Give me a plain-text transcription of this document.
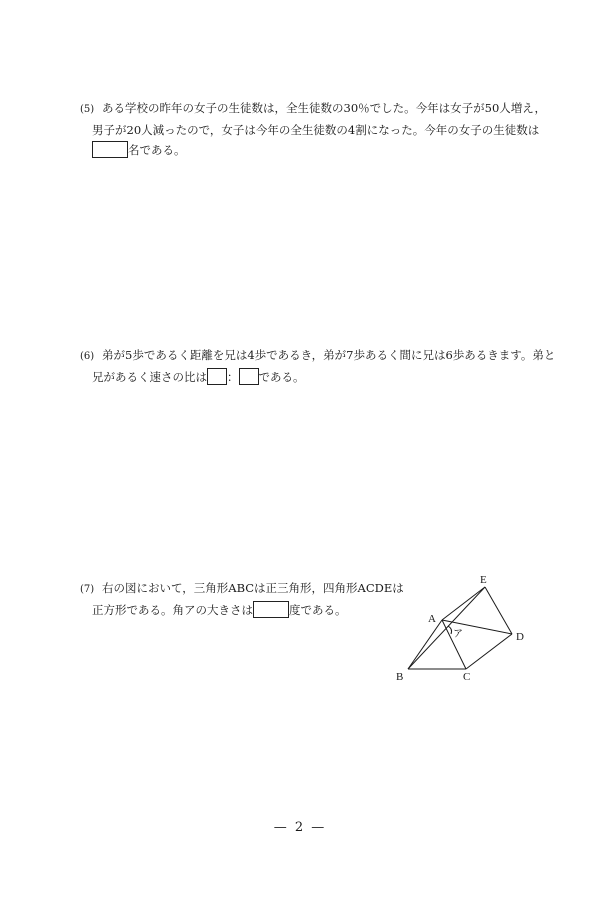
(5) ある学校の昨年の女子の生徒数は，全生徒数の30％でした。今年は女子が50人増え，
男子が20人減ったので，女子は今年の全生徒数の4割になった。今年の女子の生徒数は
名である。
(6) 弟が5歩であるく距離を兄は4歩であるき，弟が7歩あるく間に兄は6歩あるきます。弟と
兄があるく速さの比は ： である。
(7) 右の図において，三角形ABCは正三角形，四角形ACDEは
正方形である。角アの大きさは	度である。
A
B	C
D
E
ア
— 2 —
